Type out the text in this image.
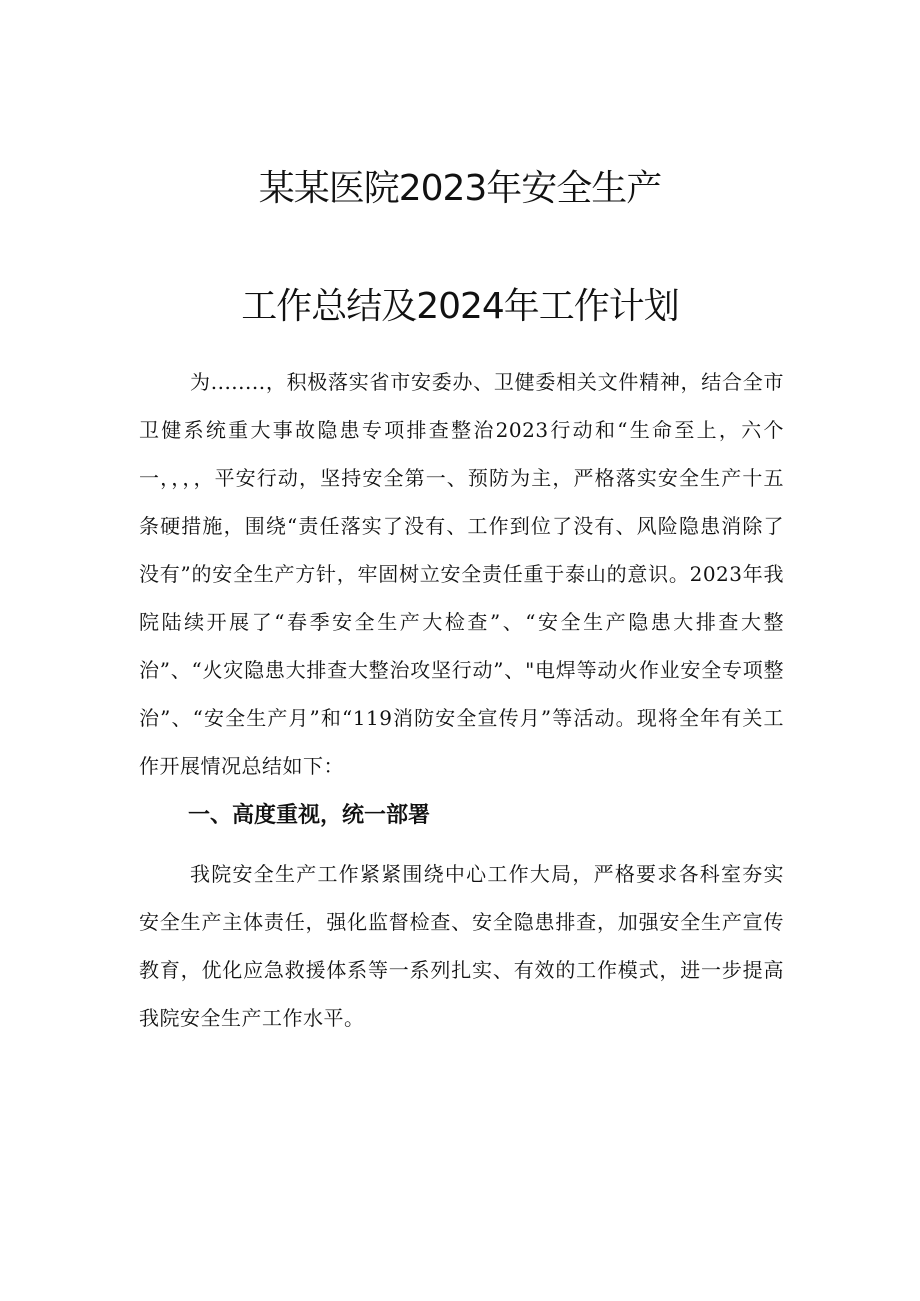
某某医院2023年安全生产
工作总结及2024年工作计划

为........，积极落实省市安委办、卫健委相关文件精神，结合全市卫健系统重大事故隐患专项排查整治2023行动和“生命至上，六个一，，，，平安行动，坚持安全第一、预防为主，严格落实安全生产十五条硬措施，围绕“责任落实了没有、工作到位了没有、风险隐患消除了没有”的安全生产方针，牢固树立安全责任重于泰山的意识。2023年我院陆续开展了“春季安全生产大检查”、“安全生产隐患大排查大整治”、“火灾隐患大排查大整治攻坚行动”、"电焊等动火作业安全专项整治”、“安全生产月”和“119消防安全宣传月”等活动。现将全年有关工作开展情况总结如下：

一、高度重视，统一部署

我院安全生产工作紧紧围绕中心工作大局，严格要求各科室夯实安全生产主体责任，强化监督检查、安全隐患排查，加强安全生产宣传教育，优化应急救援体系等一系列扎实、有效的工作模式，进一步提高我院安全生产工作水平。
